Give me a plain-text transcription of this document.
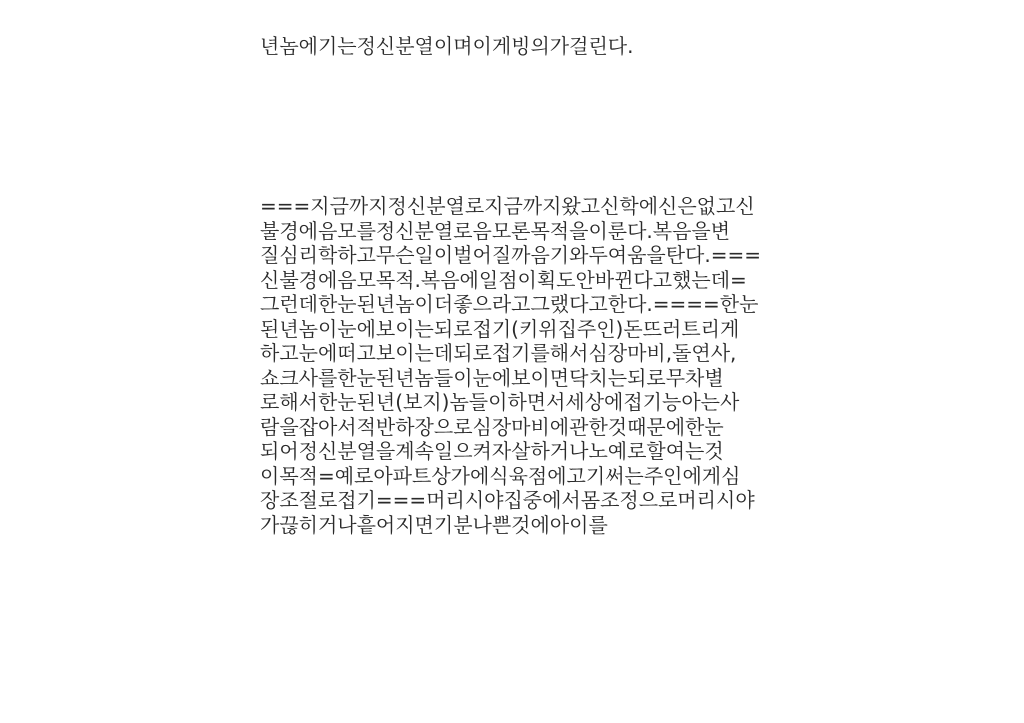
년놈에기는정신분열이며이게빙의가걸린다.
===지금까지정신분열로지금까지왔고신학에신은없고신
불경에음모를정신분열로음모론목적을이룬다.복음을변
질심리학하고무슨일이벌어질까음기와두여움을탄다.===
신불경에음모목적.복음에일점이획도안바뀐다고했는데=
그런데한눈된년놈이더좋으라고그랬다고한다.====한눈
된년놈이눈에보이는되로접기(키위집주인)돈뜨러트리게
하고눈에떠고보이는데되로접기를해서심장마비,돌연사,
쇼크사를한눈된년놈들이눈에보이면닥치는되로무차별
로해서한눈된년(보지)놈들이하면서세상에접기능아는사
람을잡아서적반하장으로심장마비에관한것때문에한눈
되어정신분열을계속일으켜자살하거나노예로할여는것
이목적=예로아파트상가에식육점에고기써는주인에게심
장조절로접기===머리시야집중에서몸조정으로머리시야
가끊히거나흩어지면기분나쁜것에아이를
